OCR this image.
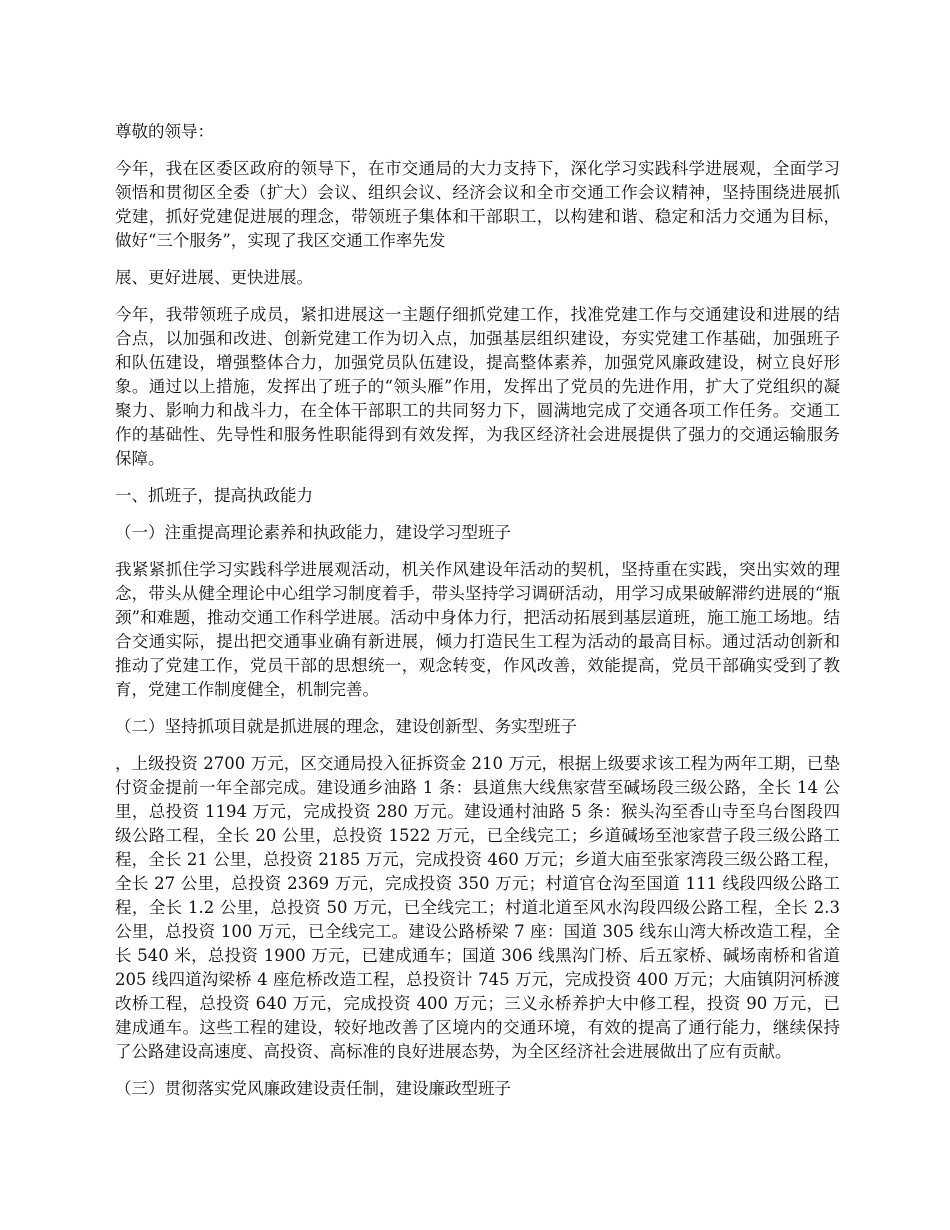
尊敬的领导：

今年，我在区委区政府的领导下，在市交通局的大力支持下，深化学习实践科学进展观，全面学习领悟和贯彻区全委（扩大）会议、组织会议、经济会议和全市交通工作会议精神，坚持围绕进展抓党建，抓好党建促进展的理念，带领班子集体和干部职工，以构建和谐、稳定和活力交通为目标，做好“三个服务”，实现了我区交通工作率先发

展、更好进展、更快进展。

今年，我带领班子成员，紧扣进展这一主题仔细抓党建工作，找准党建工作与交通建设和进展的结合点，以加强和改进、创新党建工作为切入点，加强基层组织建设，夯实党建工作基础，加强班子和队伍建设，增强整体合力，加强党员队伍建设，提高整体素养，加强党风廉政建设，树立良好形象。通过以上措施，发挥出了班子的“领头雁”作用，发挥出了党员的先进作用，扩大了党组织的凝聚力、影响力和战斗力，在全体干部职工的共同努力下，圆满地完成了交通各项工作任务。交通工作的基础性、先导性和服务性职能得到有效发挥，为我区经济社会进展提供了强力的交通运输服务保障。

一、抓班子，提高执政能力

（一）注重提高理论素养和执政能力，建设学习型班子

我紧紧抓住学习实践科学进展观活动，机关作风建设年活动的契机，坚持重在实践，突出实效的理念，带头从健全理论中心组学习制度着手，带头坚持学习调研活动，用学习成果破解滞约进展的“瓶颈”和难题，推动交通工作科学进展。活动中身体力行，把活动拓展到基层道班，施工施工场地。结合交通实际，提出把交通事业确有新进展，倾力打造民生工程为活动的最高目标。通过活动创新和推动了党建工作，党员干部的思想统一，观念转变，作风改善，效能提高，党员干部确实受到了教育，党建工作制度健全，机制完善。

（二）坚持抓项目就是抓进展的理念，建设创新型、务实型班子

，上级投资 2700 万元，区交通局投入征拆资金 210 万元，根据上级要求该工程为两年工期，已垫付资金提前一年全部完成。建设通乡油路 1 条：县道焦大线焦家营至碱场段三级公路，全长 14 公里，总投资 1194 万元，完成投资 280 万元。建设通村油路 5 条：猴头沟至香山寺至乌台图段四级公路工程，全长 20 公里，总投资 1522 万元，已全线完工；乡道碱场至池家营子段三级公路工程，全长 21 公里，总投资 2185 万元，完成投资 460 万元；乡道大庙至张家湾段三级公路工程，全长 27 公里，总投资 2369 万元，完成投资 350 万元；村道官仓沟至国道 111 线段四级公路工程，全长 1.2 公里，总投资 50 万元，已全线完工；村道北道至风水沟段四级公路工程，全长 2.3 公里，总投资 100 万元，已全线完工。建设公路桥梁 7 座：国道 305 线东山湾大桥改造工程，全长 540 米，总投资 1900 万元，已建成通车；国道 306 线黑沟门桥、后五家桥、碱场南桥和省道 205 线四道沟梁桥 4 座危桥改造工程，总投资计 745 万元，完成投资 400 万元；大庙镇阴河桥渡改桥工程，总投资 640 万元，完成投资 400 万元；三义永桥养护大中修工程，投资 90 万元，已建成通车。这些工程的建设，较好地改善了区境内的交通环境，有效的提高了通行能力，继续保持了公路建设高速度、高投资、高标准的良好进展态势，为全区经济社会进展做出了应有贡献。

（三）贯彻落实党风廉政建设责任制，建设廉政型班子
